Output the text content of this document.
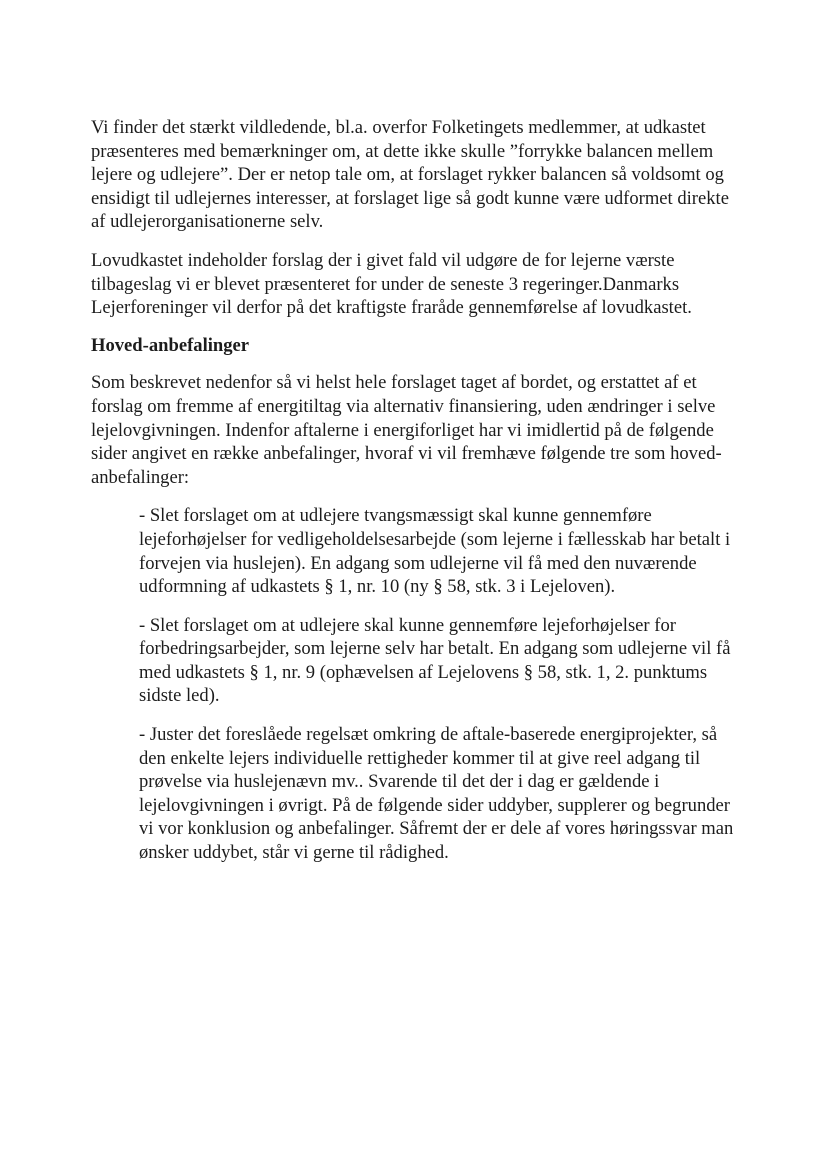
Vi finder det stærkt vildledende, bl.a. overfor Folketingets medlemmer, at udkastet præsenteres med bemærkninger om, at dette ikke skulle ”forrykke balancen mellem lejere og udlejere”. Der er netop tale om, at forslaget rykker balancen så voldsomt og ensidigt til udlejernes interesser, at forslaget lige så godt kunne være udformet direkte af udlejerorganisationerne selv.

Lovudkastet indeholder forslag der i givet fald vil udgøre de for lejerne værste tilbageslag vi er blevet præsenteret for under de seneste 3 regeringer.Danmarks Lejerforeninger vil derfor på det kraftigste fraråde gennemførelse af lovudkastet.

Hoved-anbefalinger

Som beskrevet nedenfor så vi helst hele forslaget taget af bordet, og erstattet af et forslag om fremme af energitiltag via alternativ finansiering, uden ændringer i selve lejelovgivningen. Indenfor aftalerne i energiforliget har vi imidlertid på de følgende sider angivet en række anbefalinger, hvoraf vi vil fremhæve følgende tre som hoved-anbefalinger:

- Slet forslaget om at udlejere tvangsmæssigt skal kunne gennemføre lejeforhøjelser for vedligeholdelsesarbejde (som lejerne i fællesskab har betalt i forvejen via huslejen). En adgang som udlejerne vil få med den nuværende udformning af udkastets § 1, nr. 10 (ny § 58, stk. 3 i Lejeloven).
- Slet forslaget om at udlejere skal kunne gennemføre lejeforhøjelser for forbedringsarbejder, som lejerne selv har betalt. En adgang som udlejerne vil få med udkastets § 1, nr. 9 (ophævelsen af Lejelovens § 58, stk. 1, 2. punktums sidste led).
- Juster det foreslåede regelsæt omkring de aftale-baserede energiprojekter, så den enkelte lejers individuelle rettigheder kommer til at give reel adgang til prøvelse via huslejenævn mv.. Svarende til det der i dag er gældende i lejelovgivningen i øvrigt. På de følgende sider uddyber, supplerer og begrunder vi vor konklusion og anbefalinger. Såfremt der er dele af vores høringssvar man ønsker uddybet, står vi gerne til rådighed.
